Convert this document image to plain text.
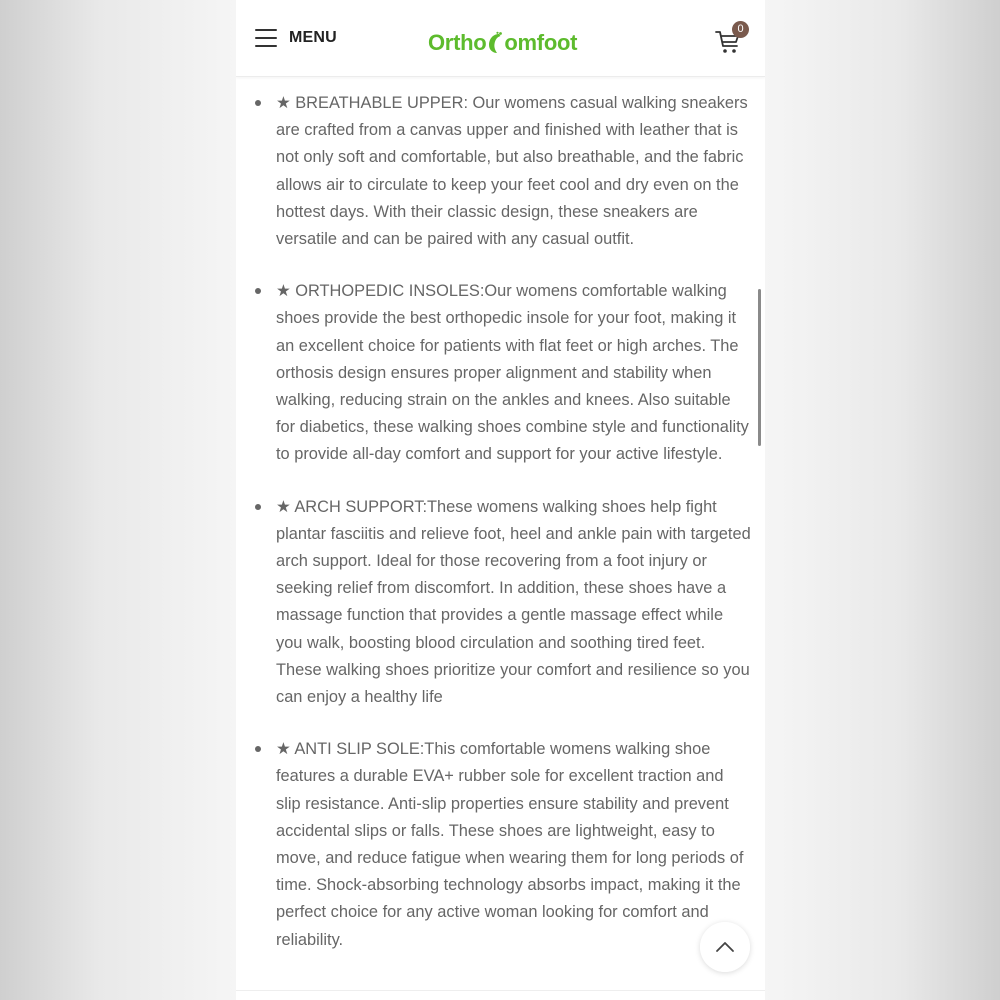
MENU	Ortho omfoot
0
★ BREATHABLE UPPER: Our womens casual walking sneakers are crafted from a canvas upper and finished with leather that is not only soft and comfortable, but also breathable, and the fabric allows air to circulate to keep your feet cool and dry even on the hottest days. With their classic design, these sneakers are versatile and can be paired with any casual outfit.
★ ORTHOPEDIC INSOLES:Our womens comfortable walking shoes provide the best orthopedic insole for your foot, making it an excellent choice for patients with flat feet or high arches. The orthosis design ensures proper alignment and stability when walking, reducing strain on the ankles and knees. Also suitable for diabetics, these walking shoes combine style and functionality to provide all-day comfort and support for your active lifestyle.
★ ARCH SUPPORT:These womens walking shoes help fight plantar fasciitis and relieve foot, heel and ankle pain with targeted arch support. Ideal for those recovering from a foot injury or seeking relief from discomfort. In addition, these shoes have a massage function that provides a gentle massage effect while you walk, boosting blood circulation and soothing tired feet. These walking shoes prioritize your comfort and resilience so you can enjoy a healthy life
★ ANTI SLIP SOLE:This comfortable womens walking shoe features a durable EVA+ rubber sole for excellent traction and slip resistance. Anti-slip properties ensure stability and prevent accidental slips or falls. These shoes are lightweight, easy to move, and reduce fatigue when wearing them for long periods of time. Shock-absorbing technology absorbs impact, making it the perfect choice for any active woman looking for comfort and reliability.
